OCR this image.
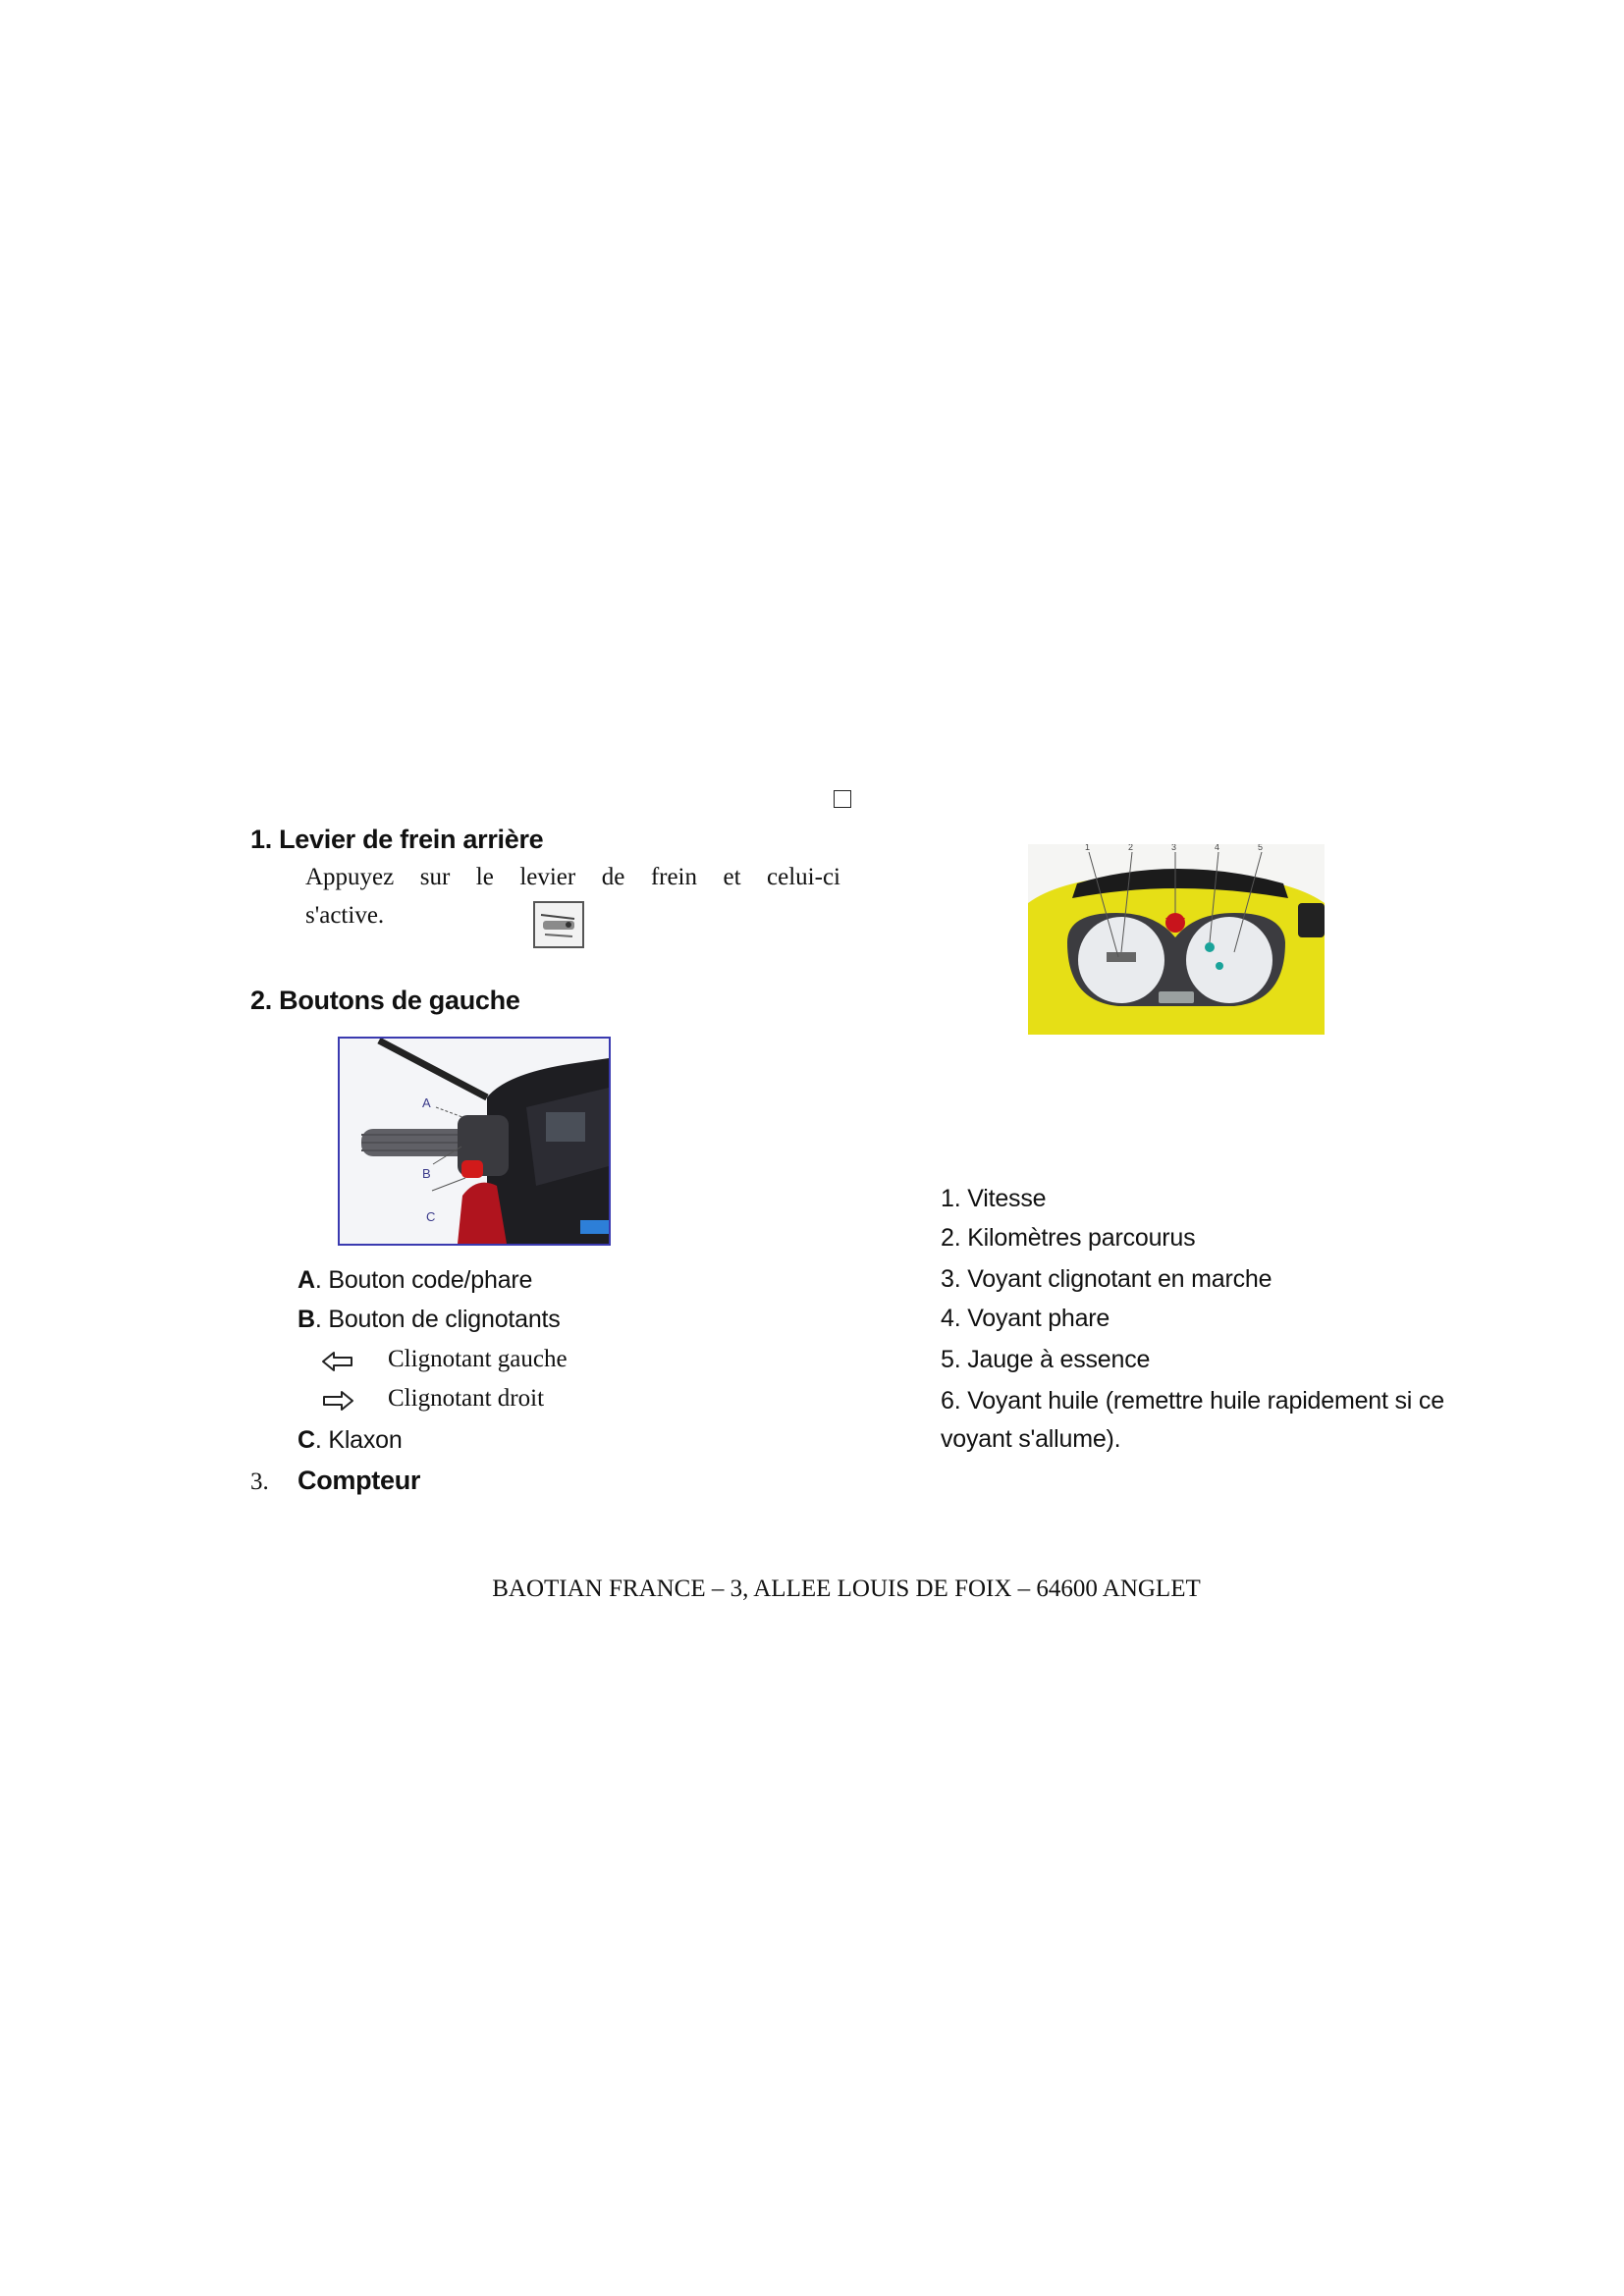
1. Levier de frein arrière
Appuyez sur le levier de frein et celui-ci
s'active.
2. Boutons de gauche
A
B
C
A. Bouton code/phare
B. Bouton de clignotants
Clignotant gauche
Clignotant droit
C. Klaxon
3. Compteur
1	2	3	4	5
1. Vitesse
2. Kilomètres parcourus
3. Voyant clignotant en marche
4. Voyant phare
5. Jauge à essence
6. Voyant huile (remettre huile rapidement si ce
voyant s'allume).
BAOTIAN FRANCE – 3, ALLEE LOUIS DE FOIX – 64600 ANGLET
